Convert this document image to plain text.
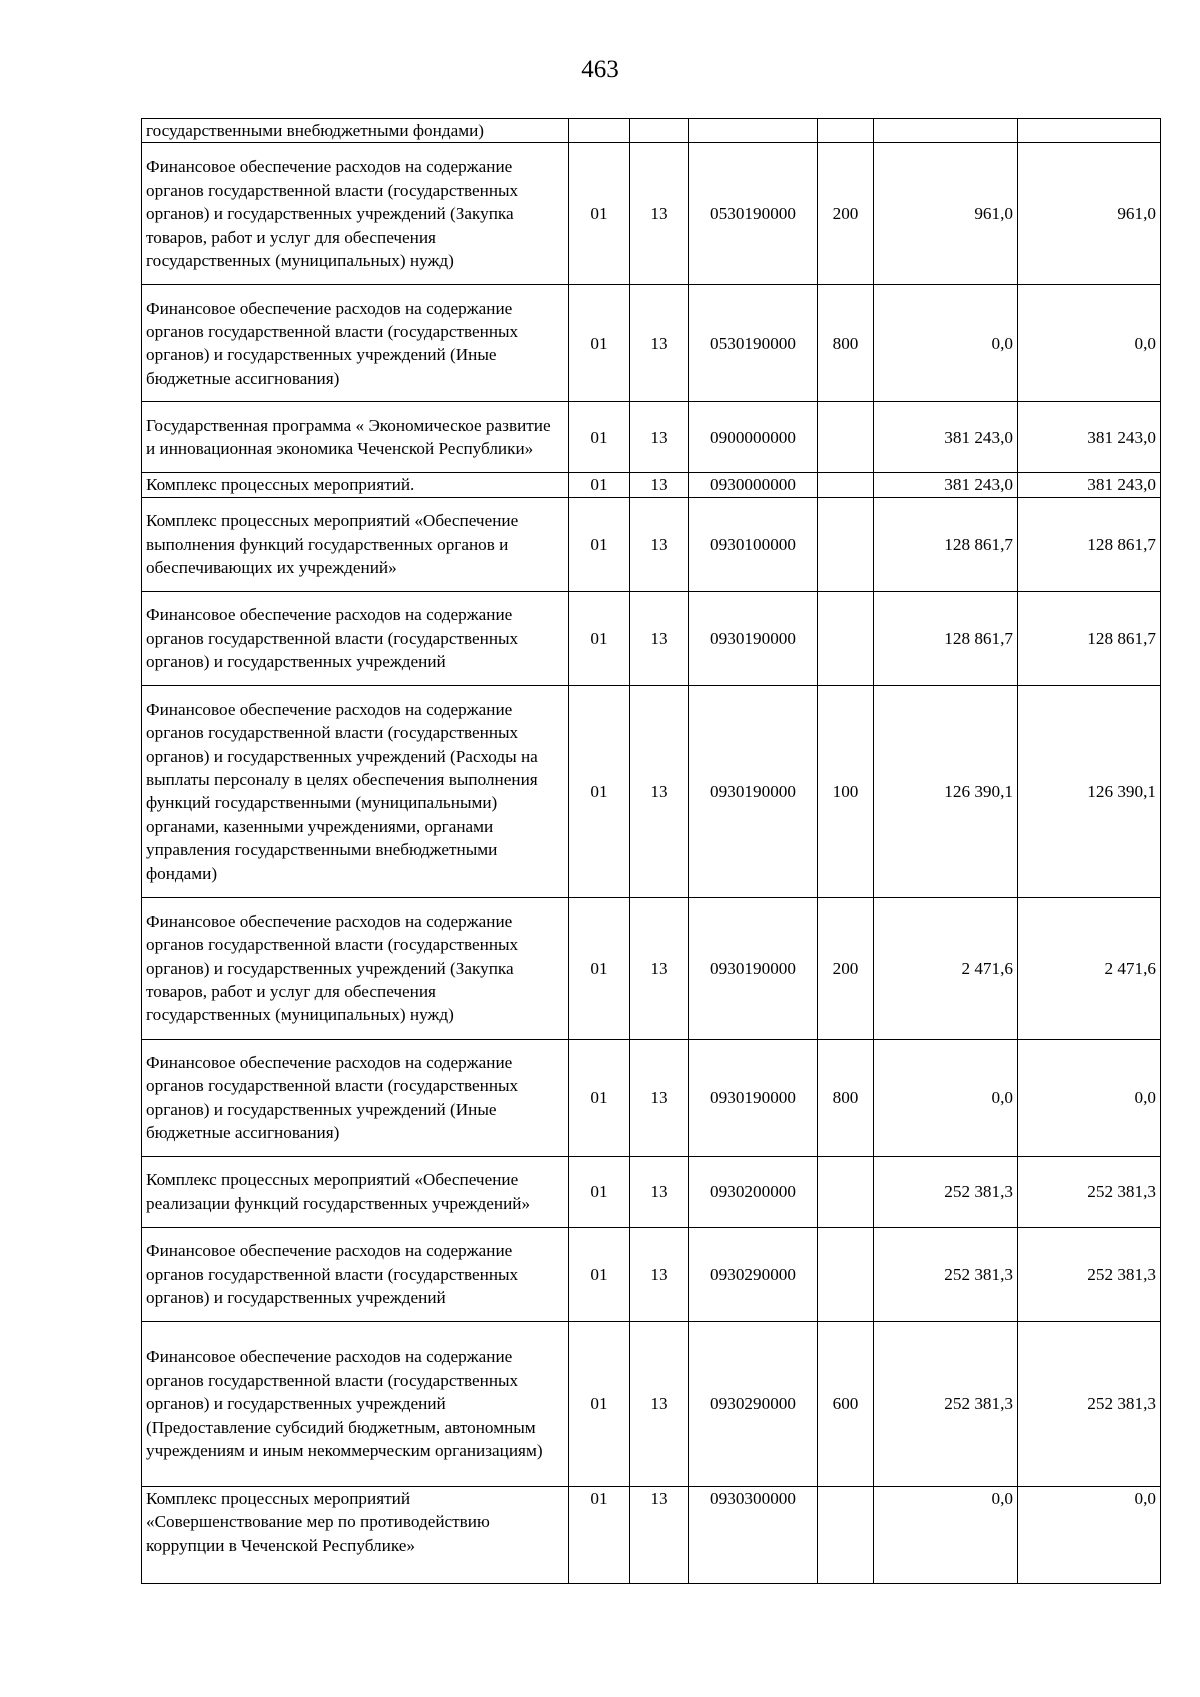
463
государственными внебюджетными фондами)						
Финансовое обеспечение расходов на содержание органов государственной власти (государственных органов) и государственных учреждений (Закупка товаров, работ и услуг для обеспечения государственных (муниципальных) нужд)	01	13	0530190000	200	961,0	961,0
Финансовое обеспечение расходов на содержание органов государственной власти (государственных органов) и государственных учреждений (Иные бюджетные ассигнования)	01	13	0530190000	800	0,0	0,0
Государственная программа « Экономическое развитие и инновационная экономика Чеченской Республики»	01	13	0900000000		381 243,0	381 243,0
Комплекс процессных мероприятий.	01	13	0930000000		381 243,0	381 243,0
Комплекс процессных мероприятий «Обеспечение выполнения функций государственных органов и обеспечивающих их учреждений»	01	13	0930100000		128 861,7	128 861,7
Финансовое обеспечение расходов на содержание органов государственной власти (государственных органов) и государственных учреждений	01	13	0930190000		128 861,7	128 861,7
Финансовое обеспечение расходов на содержание органов государственной власти (государственных органов) и государственных учреждений (Расходы на выплаты персоналу в целях обеспечения выполнения функций государственными (муниципальными) органами, казенными учреждениями, органами управления государственными внебюджетными фондами)	01	13	0930190000	100	126 390,1	126 390,1
Финансовое обеспечение расходов на содержание органов государственной власти (государственных органов) и государственных учреждений (Закупка товаров, работ и услуг для обеспечения государственных (муниципальных) нужд)	01	13	0930190000	200	2 471,6	2 471,6
Финансовое обеспечение расходов на содержание органов государственной власти (государственных органов) и государственных учреждений (Иные бюджетные ассигнования)	01	13	0930190000	800	0,0	0,0
Комплекс процессных мероприятий «Обеспечение реализации функций государственных учреждений»	01	13	0930200000		252 381,3	252 381,3
Финансовое обеспечение расходов на содержание органов государственной власти (государственных органов) и государственных учреждений	01	13	0930290000		252 381,3	252 381,3
Финансовое обеспечение расходов на содержание органов государственной власти (государственных органов) и государственных учреждений (Предоставление субсидий бюджетным, автономным учреждениям и иным некоммерческим организациям)	01	13	0930290000	600	252 381,3	252 381,3
Комплекс процессных мероприятий «Совершенствование мер по противодействию коррупции в Чеченской Республике»	01	13	0930300000		0,0	0,0
